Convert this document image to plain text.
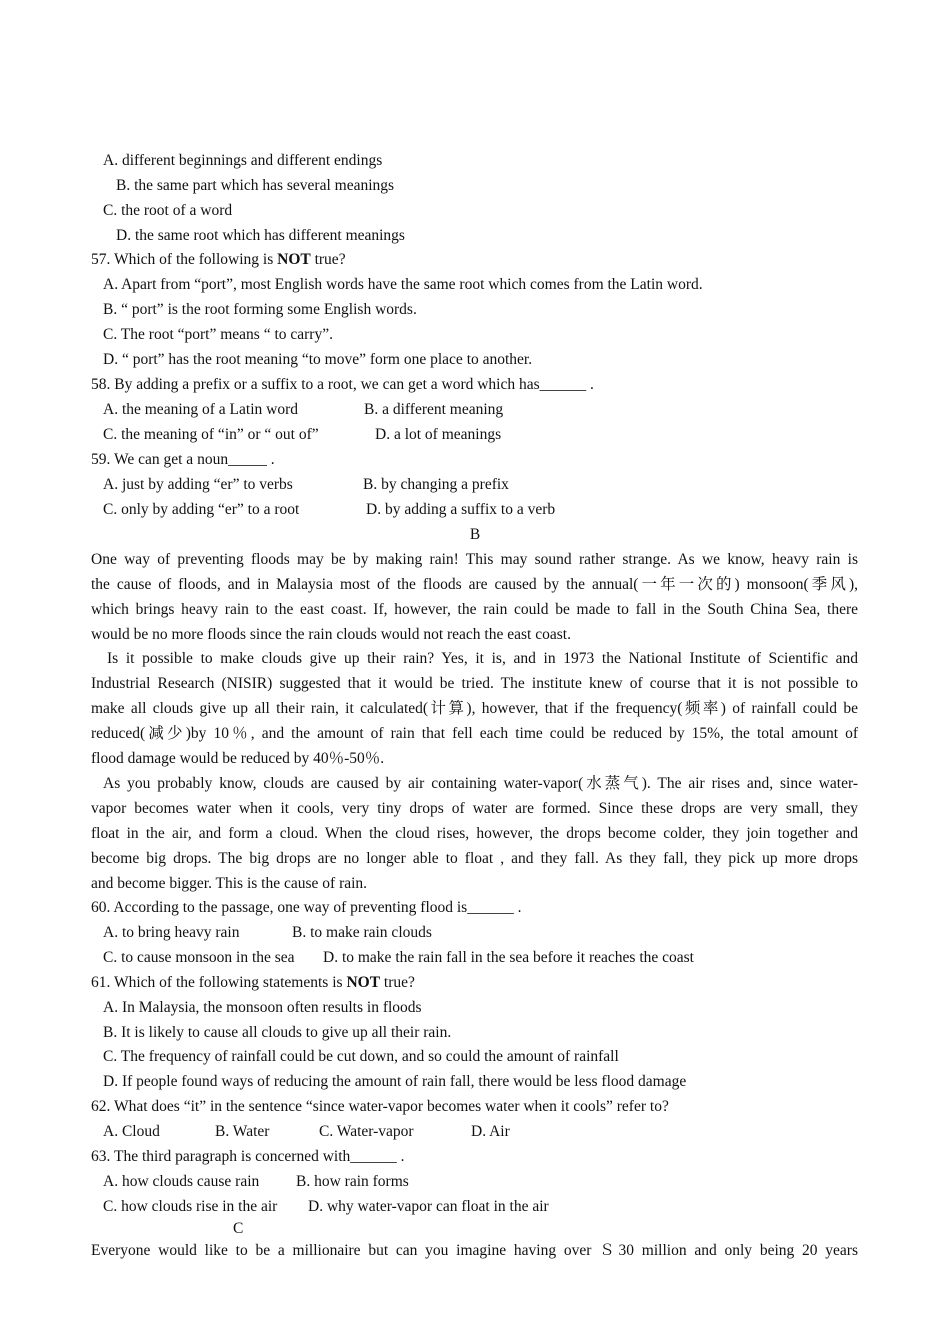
A. different beginnings and different endings
B. the same part which has several meanings
C. the root of a word
D. the same root which has different meanings
57. Which of the following is NOT true?
A. Apart from “port”, most English words have the same root which comes from the Latin word.
B. “ port” is the root forming some English words.
C. The root “port” means “ to carry”.
D. “ port” has the root meaning “to move” form one place to another.
58. By adding a prefix or a suffix to a root, we can get a word which has______ .
A. the meaning of a Latin word	B. a different meaning
C. the meaning of “in” or “ out of”	D. a lot of meanings
59. We can get a noun_____ .
A. just by adding “er” to verbs	B. by changing a prefix
C. only by adding “er” to a root	D. by adding a suffix to a verb
B
One way of preventing floods may be by making rain! This may sound rather strange. As we know, heavy rain is
the cause of floods, and in Malaysia most of the floods are caused by the annual(一年一次的) monsoon(季风),
which brings heavy rain to the east coast. If, however, the rain could be made to fall in the South China Sea, there
would be no more floods since the rain clouds would not reach the east coast.
Is it possible to make clouds give up their rain? Yes, it is, and in 1973 the National Institute of Scientific and
Industrial Research (NISIR) suggested that it would be tried. The institute knew of course that it is not possible to
make all clouds give up all their rain, it calculated(计算), however, that if the frequency(频率) of rainfall could be
reduced(减少)by 10％, and the amount of rain that fell each time could be reduced by 15%, the total amount of
flood damage would be reduced by 40％-50％.
As you probably know, clouds are caused by air containing water-vapor(水蒸气). The air rises and, since water-
vapor becomes water when it cools, very tiny drops of water are formed. Since these drops are very small, they
float in the air, and form a cloud. When the cloud rises, however, the drops become colder, they join together and
become big drops. The big drops are no longer able to float , and they fall. As they fall, they pick up more drops
and become bigger. This is the cause of rain.
60. According to the passage, one way of preventing flood is______ .
A. to bring heavy rain	B. to make rain clouds
C. to cause monsoon in the sea D. to make the rain fall in the sea before it reaches the coast
61. Which of the following statements is NOT true?
A. In Malaysia, the monsoon often results in floods
B. It is likely to cause all clouds to give up all their rain.
C. The frequency of rainfall could be cut down, and so could the amount of rainfall
D. If people found ways of reducing the amount of rain fall, there would be less flood damage
62. What does “it” in the sentence “since water-vapor becomes water when it cools” refer to?
A. Cloud	B. Water	C. Water-vapor	D. Air
63. The third paragraph is concerned with______ .
A. how clouds cause rain B. how rain forms
C. how clouds rise in the air D. why water-vapor can float in the air
C
Everyone would like to be a millionaire but can you imagine having over Ｓ30 million and only being 20 years
